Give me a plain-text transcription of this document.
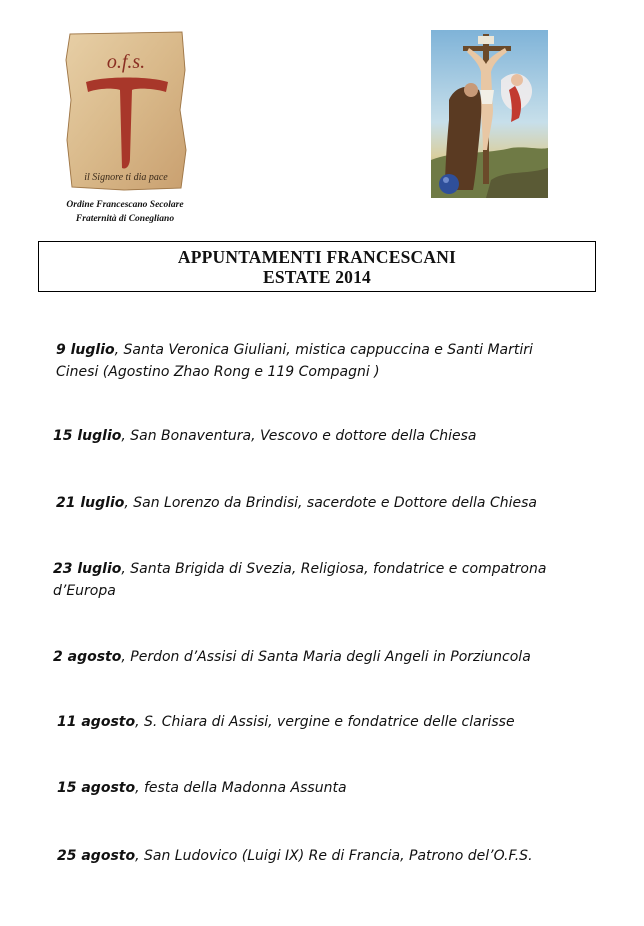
o.f.s.
il Signore ti dia pace
Ordine Francescano Secolare
Fraternità di Conegliano
APPUNTAMENTI FRANCESCANI
ESTATE 2014
9 luglio, Santa Veronica Giuliani, mistica cappuccina e Santi Martiri Cinesi (Agostino Zhao Rong e 119 Compagni )
15 luglio, San Bonaventura, Vescovo e dottore della Chiesa
21 luglio, San Lorenzo da Brindisi, sacerdote e Dottore della Chiesa
23 luglio, Santa Brigida di Svezia, Religiosa, fondatrice e compatrona d’Europa
2 agosto, Perdon d’Assisi di Santa Maria degli Angeli in Porziuncola
11 agosto, S. Chiara di Assisi, vergine e fondatrice delle clarisse
15 agosto, festa della Madonna Assunta
25 agosto, San Ludovico (Luigi IX) Re di Francia, Patrono del’O.F.S.
